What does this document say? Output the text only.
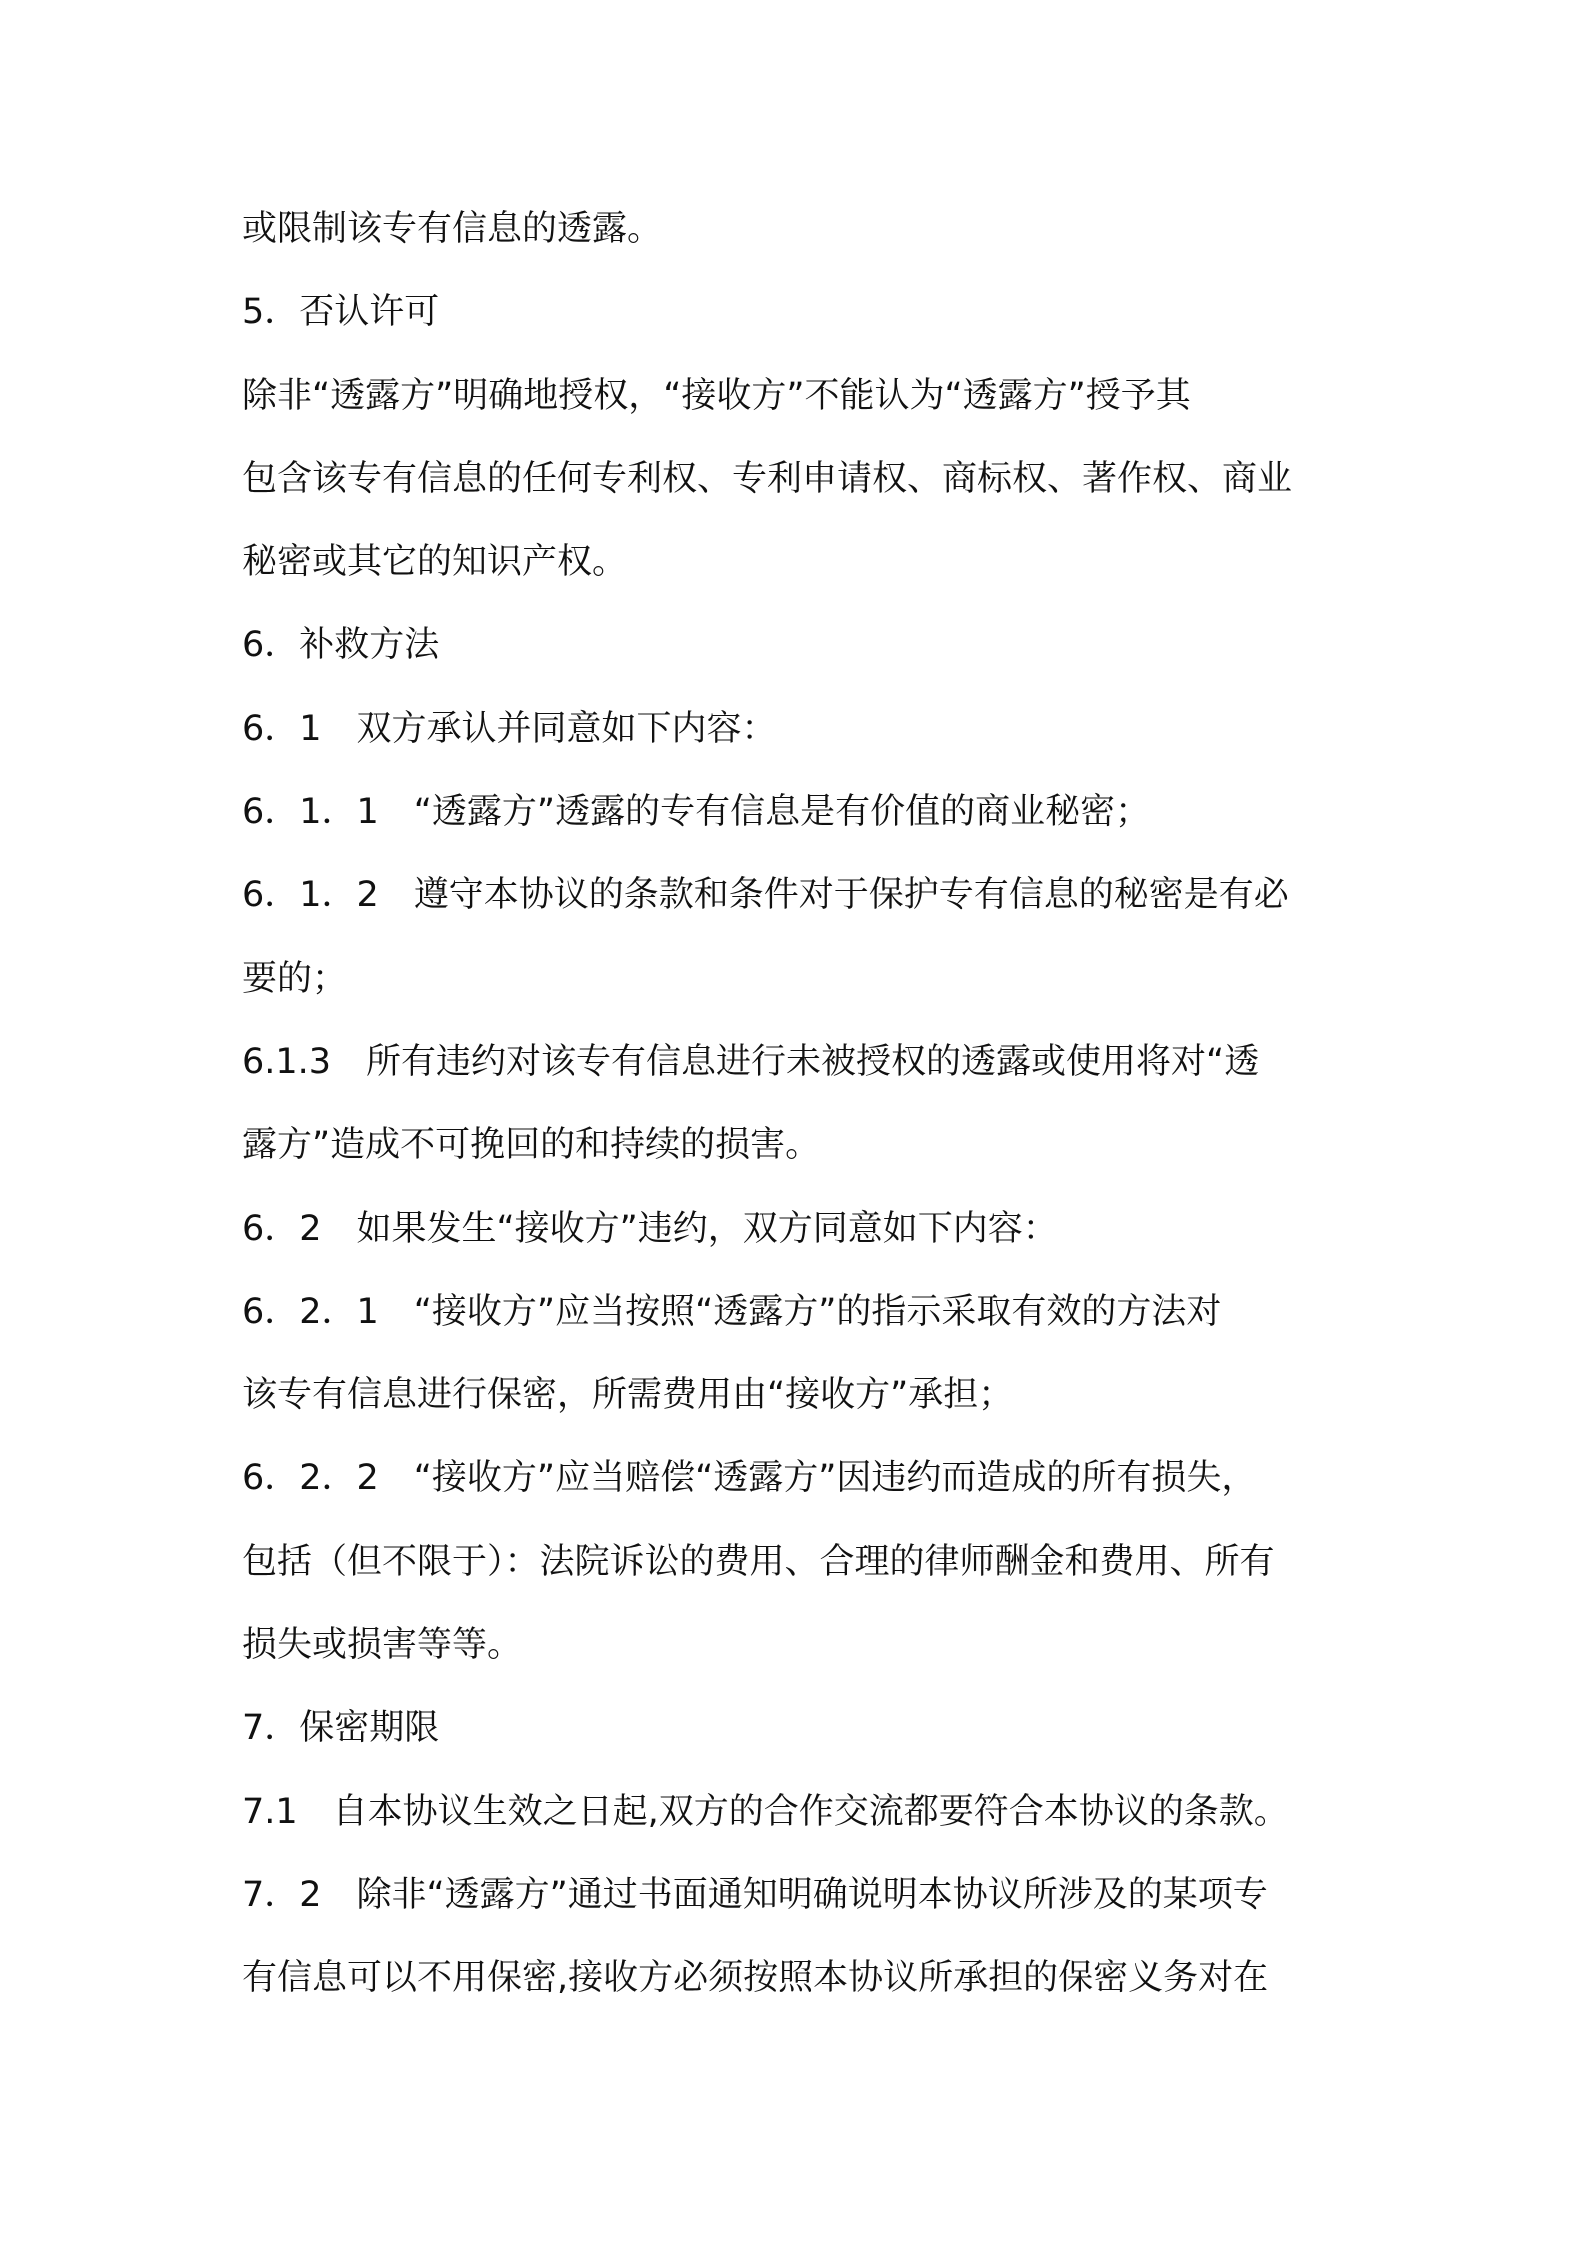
或限制该专有信息的透露。
5．否认许可
除非“透露方”明确地授权，“接收方”不能认为“透露方”授予其
包含该专有信息的任何专利权、专利申请权、商标权、著作权、商业
秘密或其它的知识产权。
6．补救方法
6．1　双方承认并同意如下内容：
6．1．1　“透露方”透露的专有信息是有价值的商业秘密；
6．1．2　遵守本协议的条款和条件对于保护专有信息的秘密是有必
要的；
6.1.3　所有违约对该专有信息进行未被授权的透露或使用将对“透
露方”造成不可挽回的和持续的损害。
6．2　如果发生“接收方”违约，双方同意如下内容：
6．2．1　“接收方”应当按照“透露方”的指示采取有效的方法对
该专有信息进行保密，所需费用由“接收方”承担；
6．2．2　“接收方”应当赔偿“透露方”因违约而造成的所有损失，
包括（但不限于）：法院诉讼的费用、合理的律师酬金和费用、所有
损失或损害等等。
7．保密期限
7.1　自本协议生效之日起,双方的合作交流都要符合本协议的条款。
7．2　除非“透露方”通过书面通知明确说明本协议所涉及的某项专
有信息可以不用保密,接收方必须按照本协议所承担的保密义务对在
